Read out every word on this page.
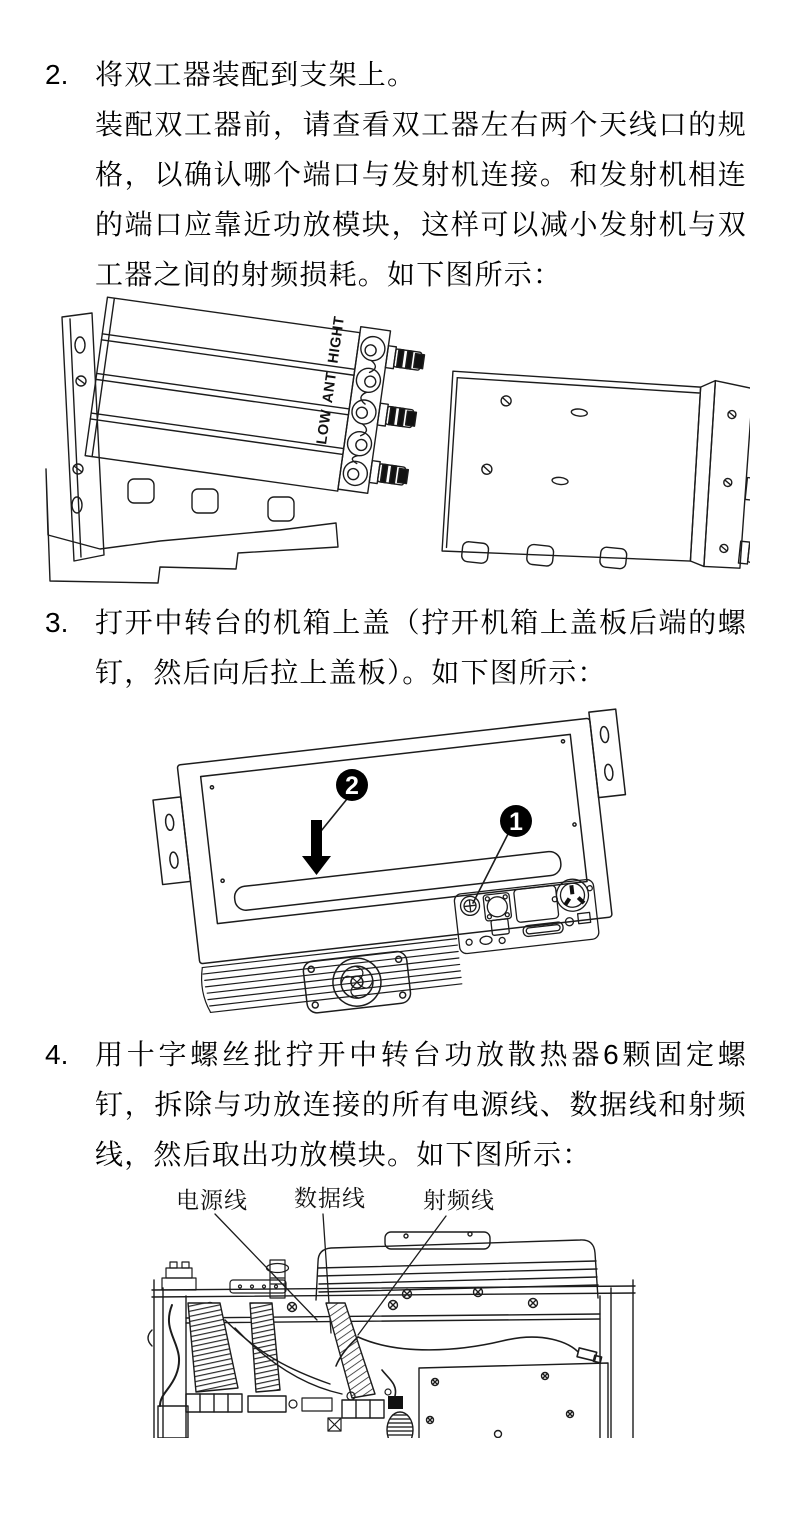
2. 将双工器装配到支架上。

装配双工器前，请查看双工器左右两个天线口的规格，以确认哪个端口与发射机连接。和发射机相连的端口应靠近功放模块，这样可以减小发射机与双工器之间的射频损耗。如下图所示：

HIGHT
ANT
LOW
3. 打开中转台的机箱上盖（拧开机箱上盖板后端的螺钉，然后向后拉上盖板）。如下图所示：

2
1
4. 用十字螺丝批拧开中转台功放散热器6颗固定螺钉，拆除与功放连接的所有电源线、数据线和射频线，然后取出功放模块。如下图所示：

电源线 数据线 射频线
